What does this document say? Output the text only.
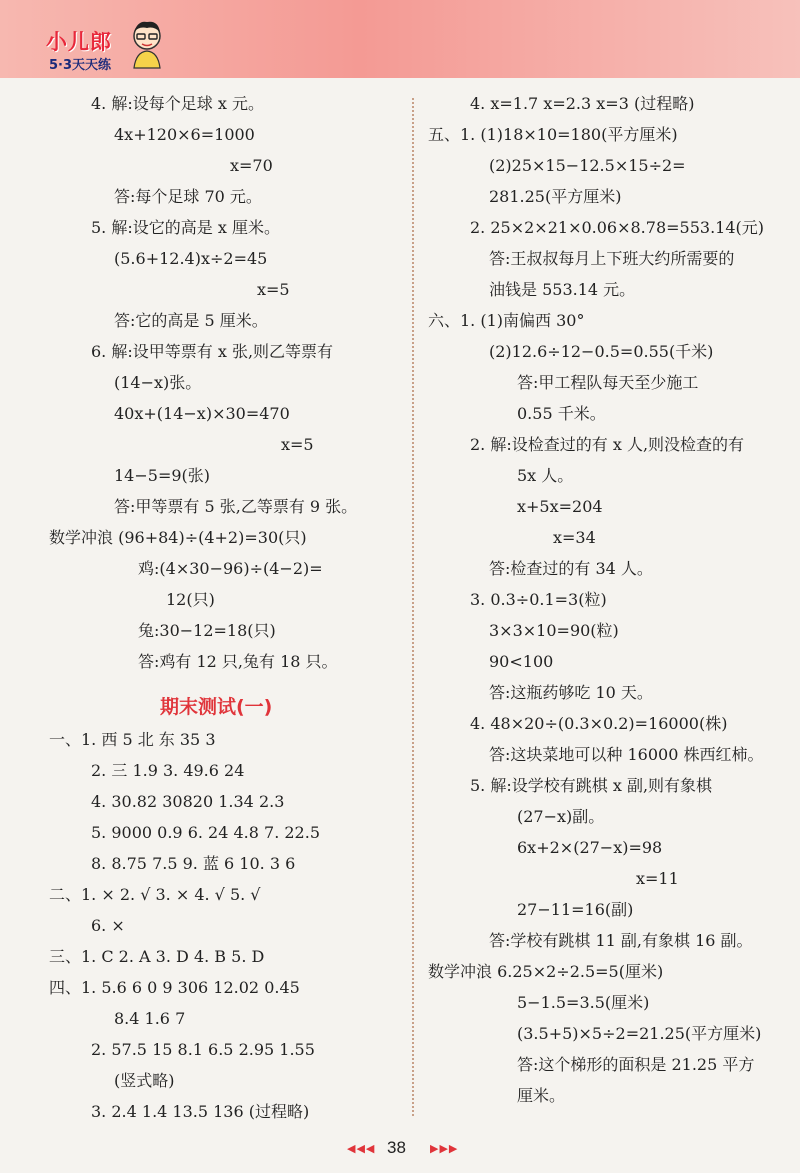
小儿郎
5·3天天练
4. 解:设每个足球 x 元。
4x+120×6=1000
x=70
答:每个足球 70 元。
5. 解:设它的高是 x 厘米。
(5.6+12.4)x÷2=45
x=5
答:它的高是 5 厘米。
6. 解:设甲等票有 x 张,则乙等票有
(14−x)张。
40x+(14−x)×30=470
x=5
14−5=9(张)
答:甲等票有 5 张,乙等票有 9 张。
数学冲浪 (96+84)÷(4+2)=30(只)
鸡:(4×30−96)÷(4−2)=
12(只)
兔:30−12=18(只)
答:鸡有 12 只,兔有 18 只。
一、1. 西 5 北 东 35 3
2. 三 1.9 3. 49.6 24
4. 30.82 30820 1.34 2.3
5. 9000 0.9 6. 24 4.8 7. 22.5
8. 8.75 7.5 9. 蓝 6 10. 3 6
二、1. × 2. √ 3. × 4. √ 5. √
6. ×
三、1. C 2. A 3. D 4. B 5. D
四、1. 5.6 6 0 9 306 12.02 0.45
8.4 1.6 7
2. 57.5 15 8.1 6.5 2.95 1.55
(竖式略)
3. 2.4 1.4 13.5 136 (过程略)
4. x=1.7 x=2.3 x=3 (过程略)
五、1. (1)18×10=180(平方厘米)
(2)25×15−12.5×15÷2=
281.25(平方厘米)
2. 25×2×21×0.06×8.78=553.14(元)
答:王叔叔每月上下班大约所需要的
油钱是 553.14 元。
六、1. (1)南偏西 30°
(2)12.6÷12−0.5=0.55(千米)
答:甲工程队每天至少施工
0.55 千米。
2. 解:设检查过的有 x 人,则没检查的有
5x 人。
x+5x=204
x=34
答:检查过的有 34 人。
3. 0.3÷0.1=3(粒)
3×3×10=90(粒)
90<100
答:这瓶药够吃 10 天。
4. 48×20÷(0.3×0.2)=16000(株)
答:这块菜地可以种 16000 株西红柿。
5. 解:设学校有跳棋 x 副,则有象棋
(27−x)副。
6x+2×(27−x)=98
x=11
27−11=16(副)
答:学校有跳棋 11 副,有象棋 16 副。
数学冲浪 6.25×2÷2.5=5(厘米)
5−1.5=3.5(厘米)
(3.5+5)×5÷2=21.25(平方厘米)
答:这个梯形的面积是 21.25 平方
厘米。
期末测试(一)
◀◀◀ 38 ▶▶▶
